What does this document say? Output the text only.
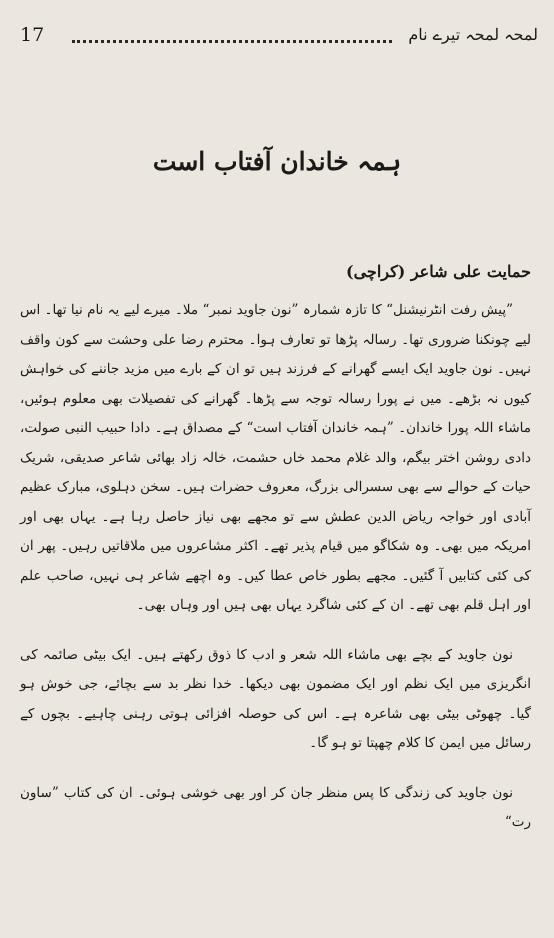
17	لمحہ لمحہ تیرے نام
ہمہ خاندان آفتاب است
حمایت علی شاعر (کراچی)

”پیش رفت انٹرنیشنل“ کا تازہ شمارہ ”نون جاوید نمبر“ ملا۔ میرے لیے یہ نام نیا تھا۔ اس لیے چونکنا ضروری تھا۔ رسالہ پڑھا تو تعارف ہوا۔ محترم رضا علی وحشت سے کون واقف نہیں۔ نون جاوید ایک ایسے گھرانے کے فرزند ہیں تو ان کے بارے میں مزید جاننے کی خواہش کیوں نہ بڑھے۔ میں نے پورا رسالہ توجہ سے پڑھا۔ گھرانے کی تفصیلات بھی معلوم ہوئیں، ماشاء اللہ پورا خاندان۔ ”ہمہ خاندان آفتاب است“ کے مصداق ہے۔ دادا حبیب النبی صولت، دادی روشن اختر بیگم، والد غلام محمد خاں حشمت، خالہ زاد بھائی شاعر صدیقی، شریک حیات کے حوالے سے بھی سسرالی بزرگ، معروف حضرات ہیں۔ سخن دہلوی، مبارک عظیم آبادی اور خواجہ ریاض الدین عطش سے تو مجھے بھی نیاز حاصل رہا ہے۔ یہاں بھی اور امریکہ میں بھی۔ وہ شکاگو میں قیام پذیر تھے۔ اکثر مشاعروں میں ملاقاتیں رہیں۔ پھر ان کی کئی کتابیں آ گئیں۔ مجھے بطور خاص عطا کیں۔ وہ اچھے شاعر ہی نہیں، صاحب علم اور اہل قلم بھی تھے۔ ان کے کئی شاگرد یہاں بھی ہیں اور وہاں بھی۔

نون جاوید کے بچے بھی ماشاء اللہ شعر و ادب کا ذوق رکھتے ہیں۔ ایک بیٹی صائمہ کی انگریزی میں ایک نظم اور ایک مضمون بھی دیکھا۔ خدا نظر بد سے بچائے، جی خوش ہو گیا۔ چھوٹی بیٹی بھی شاعرہ ہے۔ اس کی حوصلہ افزائی ہوتی رہنی چاہیے۔ بچوں کے رسائل میں ایمن کا کلام چھپتا تو ہو گا۔

نون جاوید کی زندگی کا پس منظر جان کر اور بھی خوشی ہوئی۔ ان کی کتاب ”ساون رت“
